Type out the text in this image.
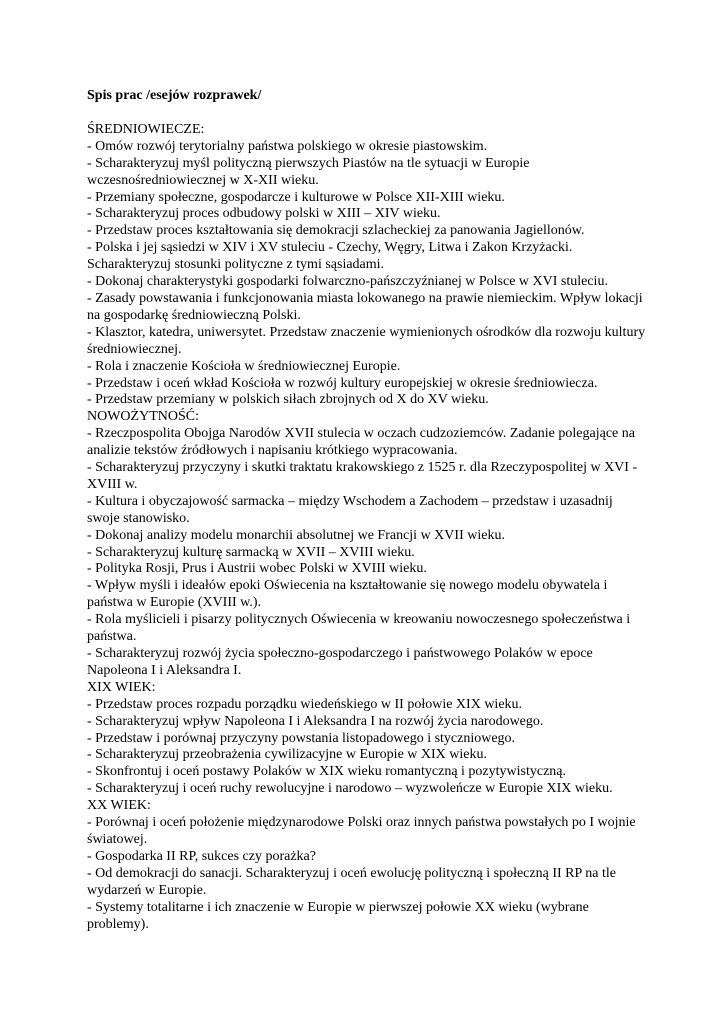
Spis prac /esejów rozprawek/

ŚREDNIOWIECZE:

- Omów rozwój terytorialny państwa polskiego w okresie piastowskim.
- Scharakteryzuj myśl polityczną pierwszych Piastów na tle sytuacji w Europie wczesnośredniowiecznej w X-XII wieku.
- Przemiany społeczne, gospodarcze i kulturowe w Polsce XII-XIII wieku.
- Scharakteryzuj proces odbudowy polski w XIII – XIV wieku.
- Przedstaw proces kształtowania się demokracji szlacheckiej za panowania Jagiellonów.
- Polska i jej sąsiedzi w XIV i XV stuleciu - Czechy, Węgry, Litwa i Zakon Krzyżacki. Scharakteryzuj stosunki polityczne z tymi sąsiadami.
- Dokonaj charakterystyki gospodarki folwarczno-pańszczyźnianej w Polsce w XVI stuleciu.
- Zasady powstawania i funkcjonowania miasta lokowanego na prawie niemieckim. Wpływ lokacji na gospodarkę średniowieczną Polski.
- Klasztor, katedra, uniwersytet. Przedstaw znaczenie wymienionych ośrodków dla rozwoju kultury średniowiecznej.
- Rola i znaczenie Kościoła w średniowiecznej Europie.
- Przedstaw i oceń wkład Kościoła w rozwój kultury europejskiej w okresie średniowiecza.
- Przedstaw przemiany w polskich siłach zbrojnych od X do XV wieku.

NOWOŻYTNOŚĆ:

- Rzeczpospolita Obojga Narodów XVII stulecia w oczach cudzoziemców. Zadanie polegające na analizie tekstów źródłowych i napisaniu krótkiego wypracowania.
- Scharakteryzuj przyczyny i skutki traktatu krakowskiego z 1525 r. dla Rzeczypospolitej w XVI - XVIII w.
- Kultura i obyczajowość sarmacka – między Wschodem a Zachodem – przedstaw i uzasadnij swoje stanowisko.
- Dokonaj analizy modelu monarchii absolutnej we Francji w XVII wieku.
- Scharakteryzuj kulturę sarmacką w XVII – XVIII wieku.
- Polityka Rosji, Prus i Austrii wobec Polski w XVIII wieku.
- Wpływ myśli i ideałów epoki Oświecenia na kształtowanie się nowego modelu obywatela i państwa w Europie (XVIII w.).
- Rola myślicieli i pisarzy politycznych Oświecenia w kreowaniu nowoczesnego społeczeństwa i państwa.
- Scharakteryzuj rozwój życia społeczno-gospodarczego i państwowego Polaków w epoce Napoleona I i Aleksandra I.

XIX WIEK:

- Przedstaw proces rozpadu porządku wiedeńskiego w II połowie XIX wieku.
- Scharakteryzuj wpływ Napoleona I i Aleksandra I na rozwój życia narodowego.
- Przedstaw i porównaj przyczyny powstania listopadowego i styczniowego.
- Scharakteryzuj przeobrażenia cywilizacyjne w Europie w XIX wieku.
- Skonfrontuj i oceń postawy Polaków w XIX wieku romantyczną i pozytywistyczną.
- Scharakteryzuj i oceń ruchy rewolucyjne i narodowo – wyzwoleńcze w Europie XIX wieku.

XX WIEK:

- Porównaj i oceń położenie międzynarodowe Polski oraz innych państwa powstałych po I wojnie światowej.
- Gospodarka II RP, sukces czy porażka?
- Od demokracji do sanacji. Scharakteryzuj i oceń ewolucję polityczną i społeczną II RP na tle wydarzeń w Europie.
- Systemy totalitarne i ich znaczenie w Europie w pierwszej połowie XX wieku (wybrane problemy).
